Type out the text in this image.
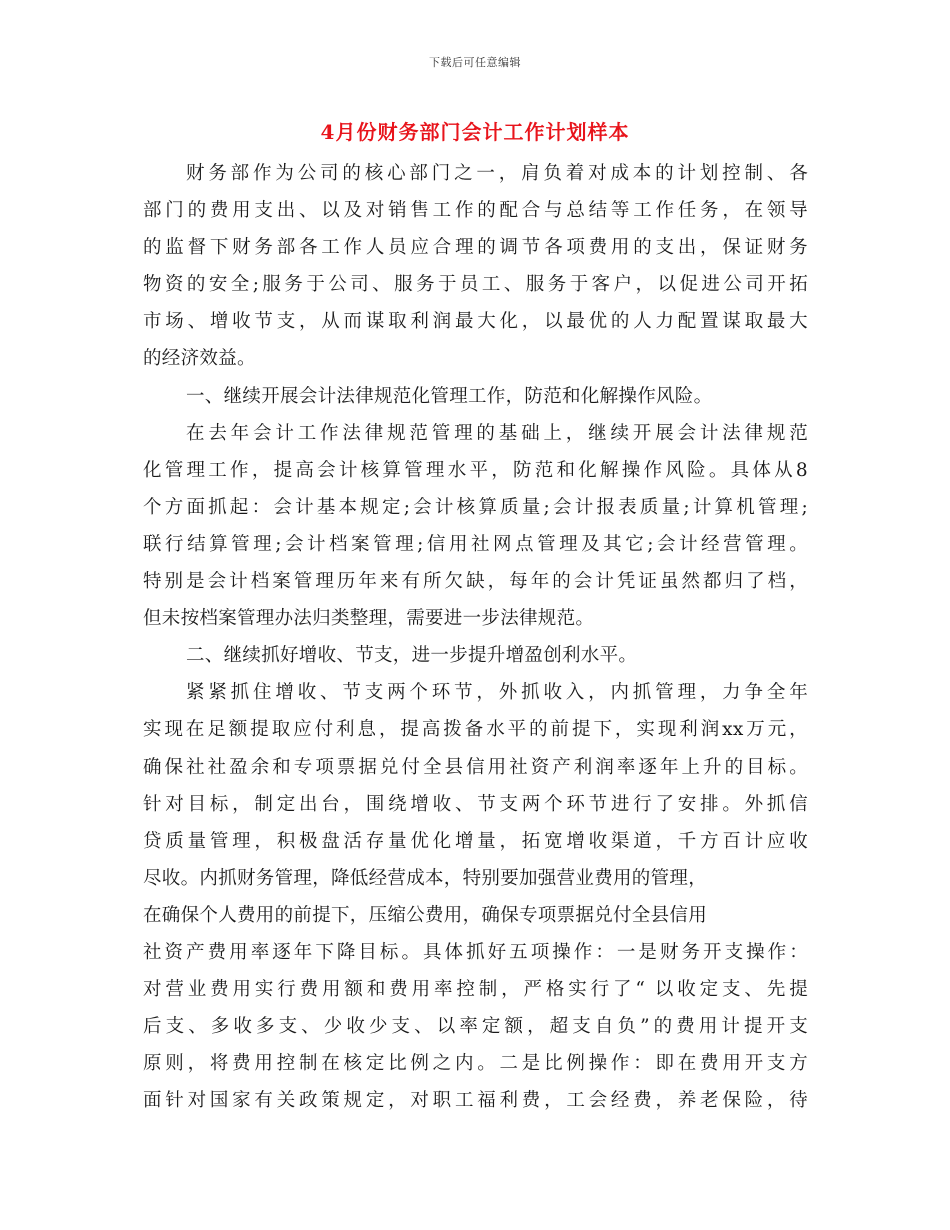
下载后可任意编辑
4月份财务部门会计工作计划样本
财务部作为公司的核心部门之一，肩负着对成本的计划控制、各
部门的费用支出、以及对销售工作的配合与总结等工作任务，在领导
的监督下财务部各工作人员应合理的调节各项费用的支出，保证财务
物资的安全;服务于公司、服务于员工、服务于客户，以促进公司开拓
市场、增收节支，从而谋取利润最大化，以最优的人力配置谋取最大
的经济效益。
一、继续开展会计法律规范化管理工作，防范和化解操作风险。
在去年会计工作法律规范管理的基础上，继续开展会计法律规范
化管理工作，提高会计核算管理水平，防范和化解操作风险。具体从8
个方面抓起：会计基本规定;会计核算质量;会计报表质量;计算机管理;
联行结算管理;会计档案管理;信用社网点管理及其它;会计经营管理。
特别是会计档案管理历年来有所欠缺，每年的会计凭证虽然都归了档，
但未按档案管理办法归类整理，需要进一步法律规范。
二、继续抓好增收、节支，进一步提升增盈创利水平。
紧紧抓住增收、节支两个环节，外抓收入，内抓管理，力争全年
实现在足额提取应付利息，提高拨备水平的前提下，实现利润xx万元，
确保社社盈余和专项票据兑付全县信用社资产利润率逐年上升的目标。
针对目标，制定出台，围绕增收、节支两个环节进行了安排。外抓信
贷质量管理，积极盘活存量优化增量，拓宽增收渠道，千方百计应收
尽收。内抓财务管理，降低经营成本，特别要加强营业费用的管理，
在确保个人费用的前提下，压缩公费用，确保专项票据兑付全县信用
社资产费用率逐年下降目标。具体抓好五项操作：一是财务开支操作：
对营业费用实行费用额和费用率控制，严格实行了“ 以收定支、先提
后支、多收多支、少收少支、以率定额，超支自负”的费用计提开支
原则，将费用控制在核定比例之内。二是比例操作：即在费用开支方
面针对国家有关政策规定，对职工福利费，工会经费，养老保险，待
